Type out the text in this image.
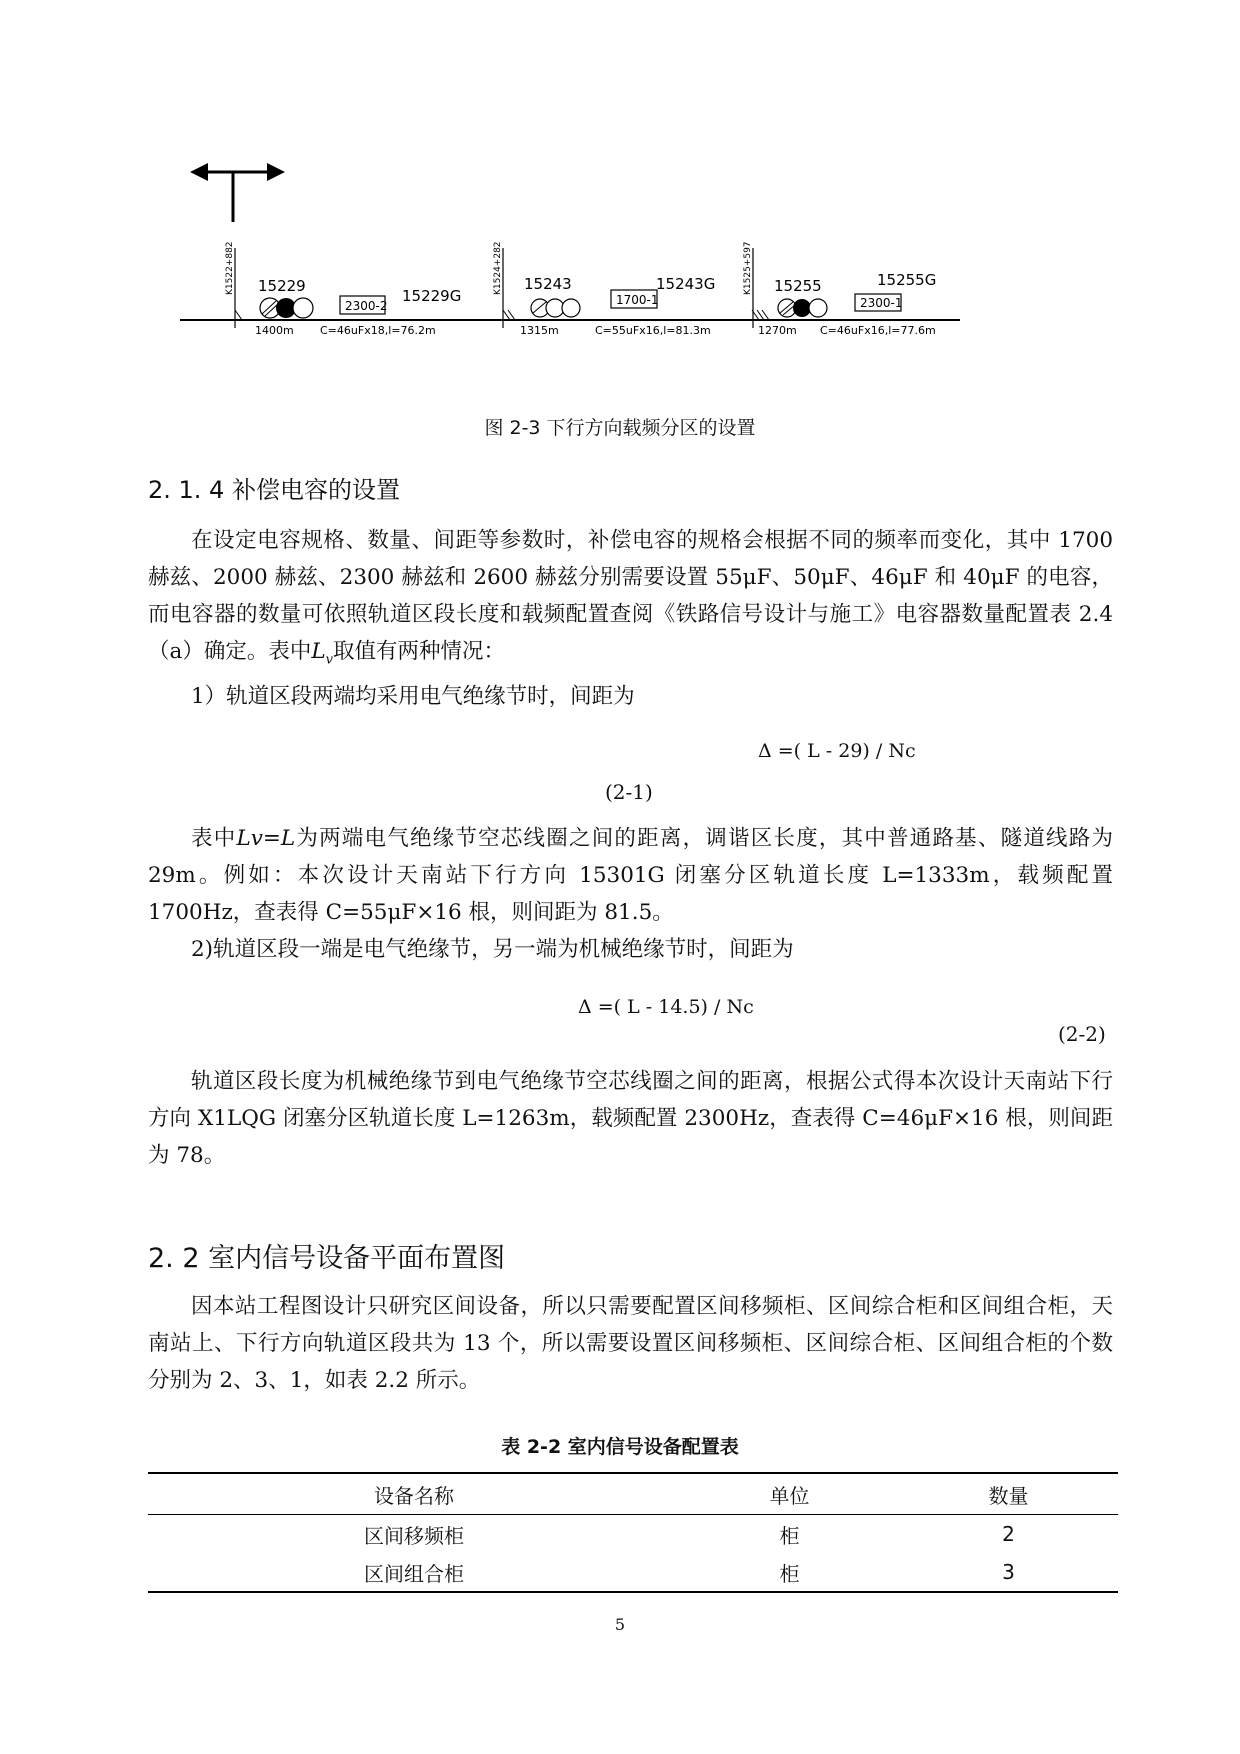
K1522+882 15229
2300-2
15229G
1400m C=46uFx18,l=76.2m
K1524+282 15243
1700-1
15243G
1315m	C=55uFx16,l=81.3m
K1525+597 15255
2300-1
15255G
1270m C=46uFx16,l=77.6m
图 2-3 下行方向载频分区的设置
2. 1. 4 补偿电容的设置

在设定电容规格、数量、间距等参数时，补偿电容的规格会根据不同的频率而变化，其中 1700 赫兹、2000 赫兹、2300 赫兹和 2600 赫兹分别需要设置 55μF、50μF、46μF 和 40μF 的电容，而电容器的数量可依照轨道区段长度和载频配置查阅《铁路信号设计与施工》电容器数量配置表 2.4（a）确定。表中$L_v$取值有两种情况：

1）轨道区段两端均采用电气绝缘节时，间距为

Δ =( L - 29) / Nc
(2-1)

表中Lv=L为两端电气绝缘节空芯线圈之间的距离，调谐区长度，其中普通路基、隧道线路为 29m。例如：本次设计天南站下行方向 15301G 闭塞分区轨道长度 L=1333m，载频配置 1700Hz，查表得 C=55μF×16 根，则间距为 81.5。

2)轨道区段一端是电气绝缘节，另一端为机械绝缘节时，间距为

Δ =( L - 14.5) / Nc
(2-2)

轨道区段长度为机械绝缘节到电气绝缘节空芯线圈之间的距离，根据公式得本次设计天南站下行方向 X1LQG 闭塞分区轨道长度 L=1263m，载频配置 2300Hz，查表得 C=46μF×16 根，则间距为 78。

2. 2 室内信号设备平面布置图

因本站工程图设计只研究区间设备，所以只需要配置区间移频柜、区间综合柜和区间组合柜，天南站上、下行方向轨道区段共为 13 个，所以需要设置区间移频柜、区间综合柜、区间组合柜的个数分别为 2、3、1，如表 2.2 所示。

表 2-2 室内信号设备配置表
设备名称	单位	数量
区间移频柜	柜	2
区间组合柜	柜	3
5
